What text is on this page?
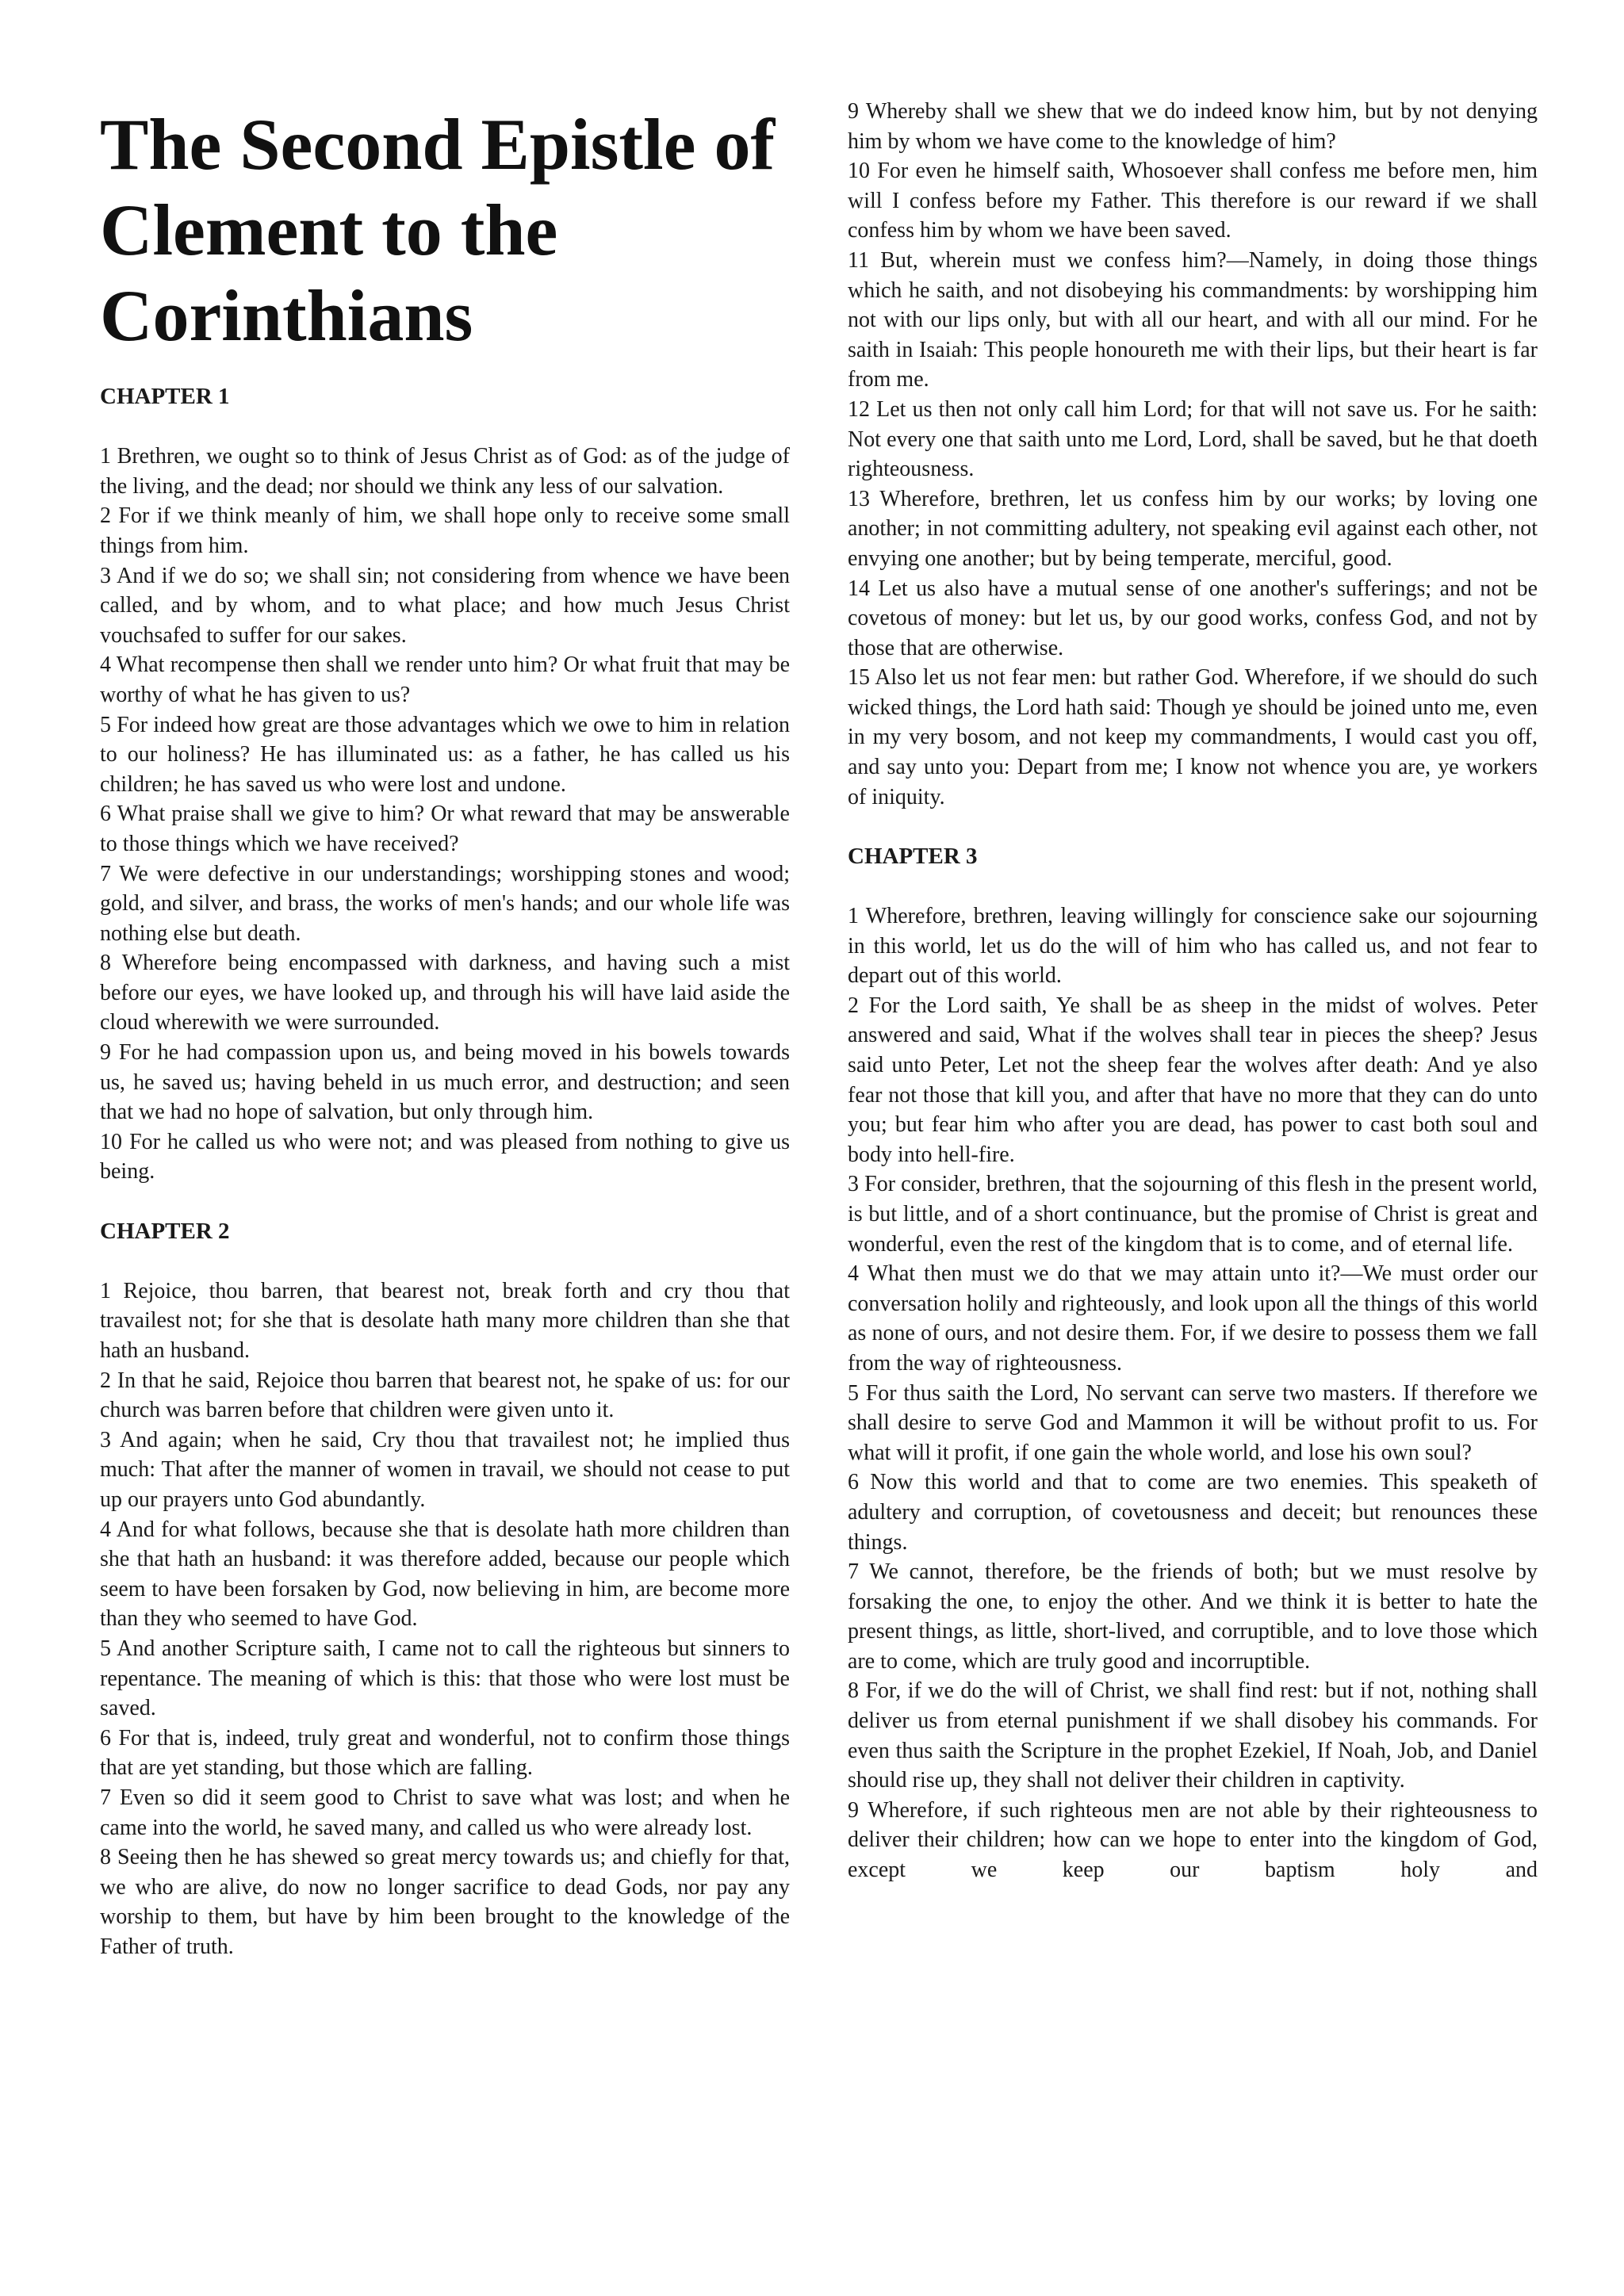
The Second Epistle of Clement to the Corinthians
CHAPTER 1

1 Brethren, we ought so to think of Jesus Christ as of God: as of the judge of the living, and the dead; nor should we think any less of our salvation.

2 For if we think meanly of him, we shall hope only to receive some small things from him.

3 And if we do so; we shall sin; not considering from whence we have been called, and by whom, and to what place; and how much Jesus Christ vouchsafed to suffer for our sakes.

4 What recompense then shall we render unto him? Or what fruit that may be worthy of what he has given to us?

5 For indeed how great are those advantages which we owe to him in relation to our holiness? He has illuminated us: as a father, he has called us his children; he has saved us who were lost and undone.

6 What praise shall we give to him? Or what reward that may be answerable to those things which we have received?

7 We were defective in our understandings; worshipping stones and wood; gold, and silver, and brass, the works of men's hands; and our whole life was nothing else but death.

8 Wherefore being encompassed with darkness, and having such a mist before our eyes, we have looked up, and through his will have laid aside the cloud wherewith we were surrounded.

9 For he had compassion upon us, and being moved in his bowels towards us, he saved us; having beheld in us much error, and destruction; and seen that we had no hope of salvation, but only through him.

10 For he called us who were not; and was pleased from nothing to give us being.

CHAPTER 2

1 Rejoice, thou barren, that bearest not, break forth and cry thou that travailest not; for she that is desolate hath many more children than she that hath an husband.

2 In that he said, Rejoice thou barren that bearest not, he spake of us: for our church was barren before that children were given unto it.

3 And again; when he said, Cry thou that travailest not; he implied thus much: That after the manner of women in travail, we should not cease to put up our prayers unto God abundantly.

4 And for what follows, because she that is desolate hath more children than she that hath an husband: it was therefore added, because our people which seem to have been forsaken by God, now believing in him, are become more than they who seemed to have God.

5 And another Scripture saith, I came not to call the righteous but sinners to repentance. The meaning of which is this: that those who were lost must be saved.

6 For that is, indeed, truly great and wonderful, not to confirm those things that are yet standing, but those which are falling.

7 Even so did it seem good to Christ to save what was lost; and when he came into the world, he saved many, and called us who were already lost.

8 Seeing then he has shewed so great mercy towards us; and chiefly for that, we who are alive, do now no longer sacrifice to dead Gods, nor pay any worship to them, but have by him been brought to the knowledge of the Father of truth.

9 Whereby shall we shew that we do indeed know him, but by not denying him by whom we have come to the knowledge of him?

10 For even he himself saith, Whosoever shall confess me before men, him will I confess before my Father. This therefore is our reward if we shall confess him by whom we have been saved.

11 But, wherein must we confess him?—Namely, in doing those things which he saith, and not disobeying his commandments: by worshipping him not with our lips only, but with all our heart, and with all our mind. For he saith in Isaiah: This people honoureth me with their lips, but their heart is far from me.

12 Let us then not only call him Lord; for that will not save us. For he saith: Not every one that saith unto me Lord, Lord, shall be saved, but he that doeth righteousness.

13 Wherefore, brethren, let us confess him by our works; by loving one another; in not committing adultery, not speaking evil against each other, not envying one another; but by being temperate, merciful, good.

14 Let us also have a mutual sense of one another's sufferings; and not be covetous of money: but let us, by our good works, confess God, and not by those that are otherwise.

15 Also let us not fear men: but rather God. Wherefore, if we should do such wicked things, the Lord hath said: Though ye should be joined unto me, even in my very bosom, and not keep my commandments, I would cast you off, and say unto you: Depart from me; I know not whence you are, ye workers of iniquity.

CHAPTER 3

1 Wherefore, brethren, leaving willingly for conscience sake our sojourning in this world, let us do the will of him who has called us, and not fear to depart out of this world.

2 For the Lord saith, Ye shall be as sheep in the midst of wolves. Peter answered and said, What if the wolves shall tear in pieces the sheep? Jesus said unto Peter, Let not the sheep fear the wolves after death: And ye also fear not those that kill you, and after that have no more that they can do unto you; but fear him who after you are dead, has power to cast both soul and body into hell-fire.

3 For consider, brethren, that the sojourning of this flesh in the present world, is but little, and of a short continuance, but the promise of Christ is great and wonderful, even the rest of the kingdom that is to come, and of eternal life.

4 What then must we do that we may attain unto it?—We must order our conversation holily and righteously, and look upon all the things of this world as none of ours, and not desire them. For, if we desire to possess them we fall from the way of righteousness.

5 For thus saith the Lord, No servant can serve two masters. If therefore we shall desire to serve God and Mammon it will be without profit to us. For what will it profit, if one gain the whole world, and lose his own soul?

6 Now this world and that to come are two enemies. This speaketh of adultery and corruption, of covetousness and deceit; but renounces these things.

7 We cannot, therefore, be the friends of both; but we must resolve by forsaking the one, to enjoy the other. And we think it is better to hate the present things, as little, short-lived, and corruptible, and to love those which are to come, which are truly good and incorruptible.

8 For, if we do the will of Christ, we shall find rest: but if not, nothing shall deliver us from eternal punishment if we shall disobey his commands. For even thus saith the Scripture in the prophet Ezekiel, If Noah, Job, and Daniel should rise up, they shall not deliver their children in captivity.

9 Wherefore, if such righteous men are not able by their righteousness to deliver their children; how can we hope to enter into the kingdom of God, except we keep our baptism holy and
